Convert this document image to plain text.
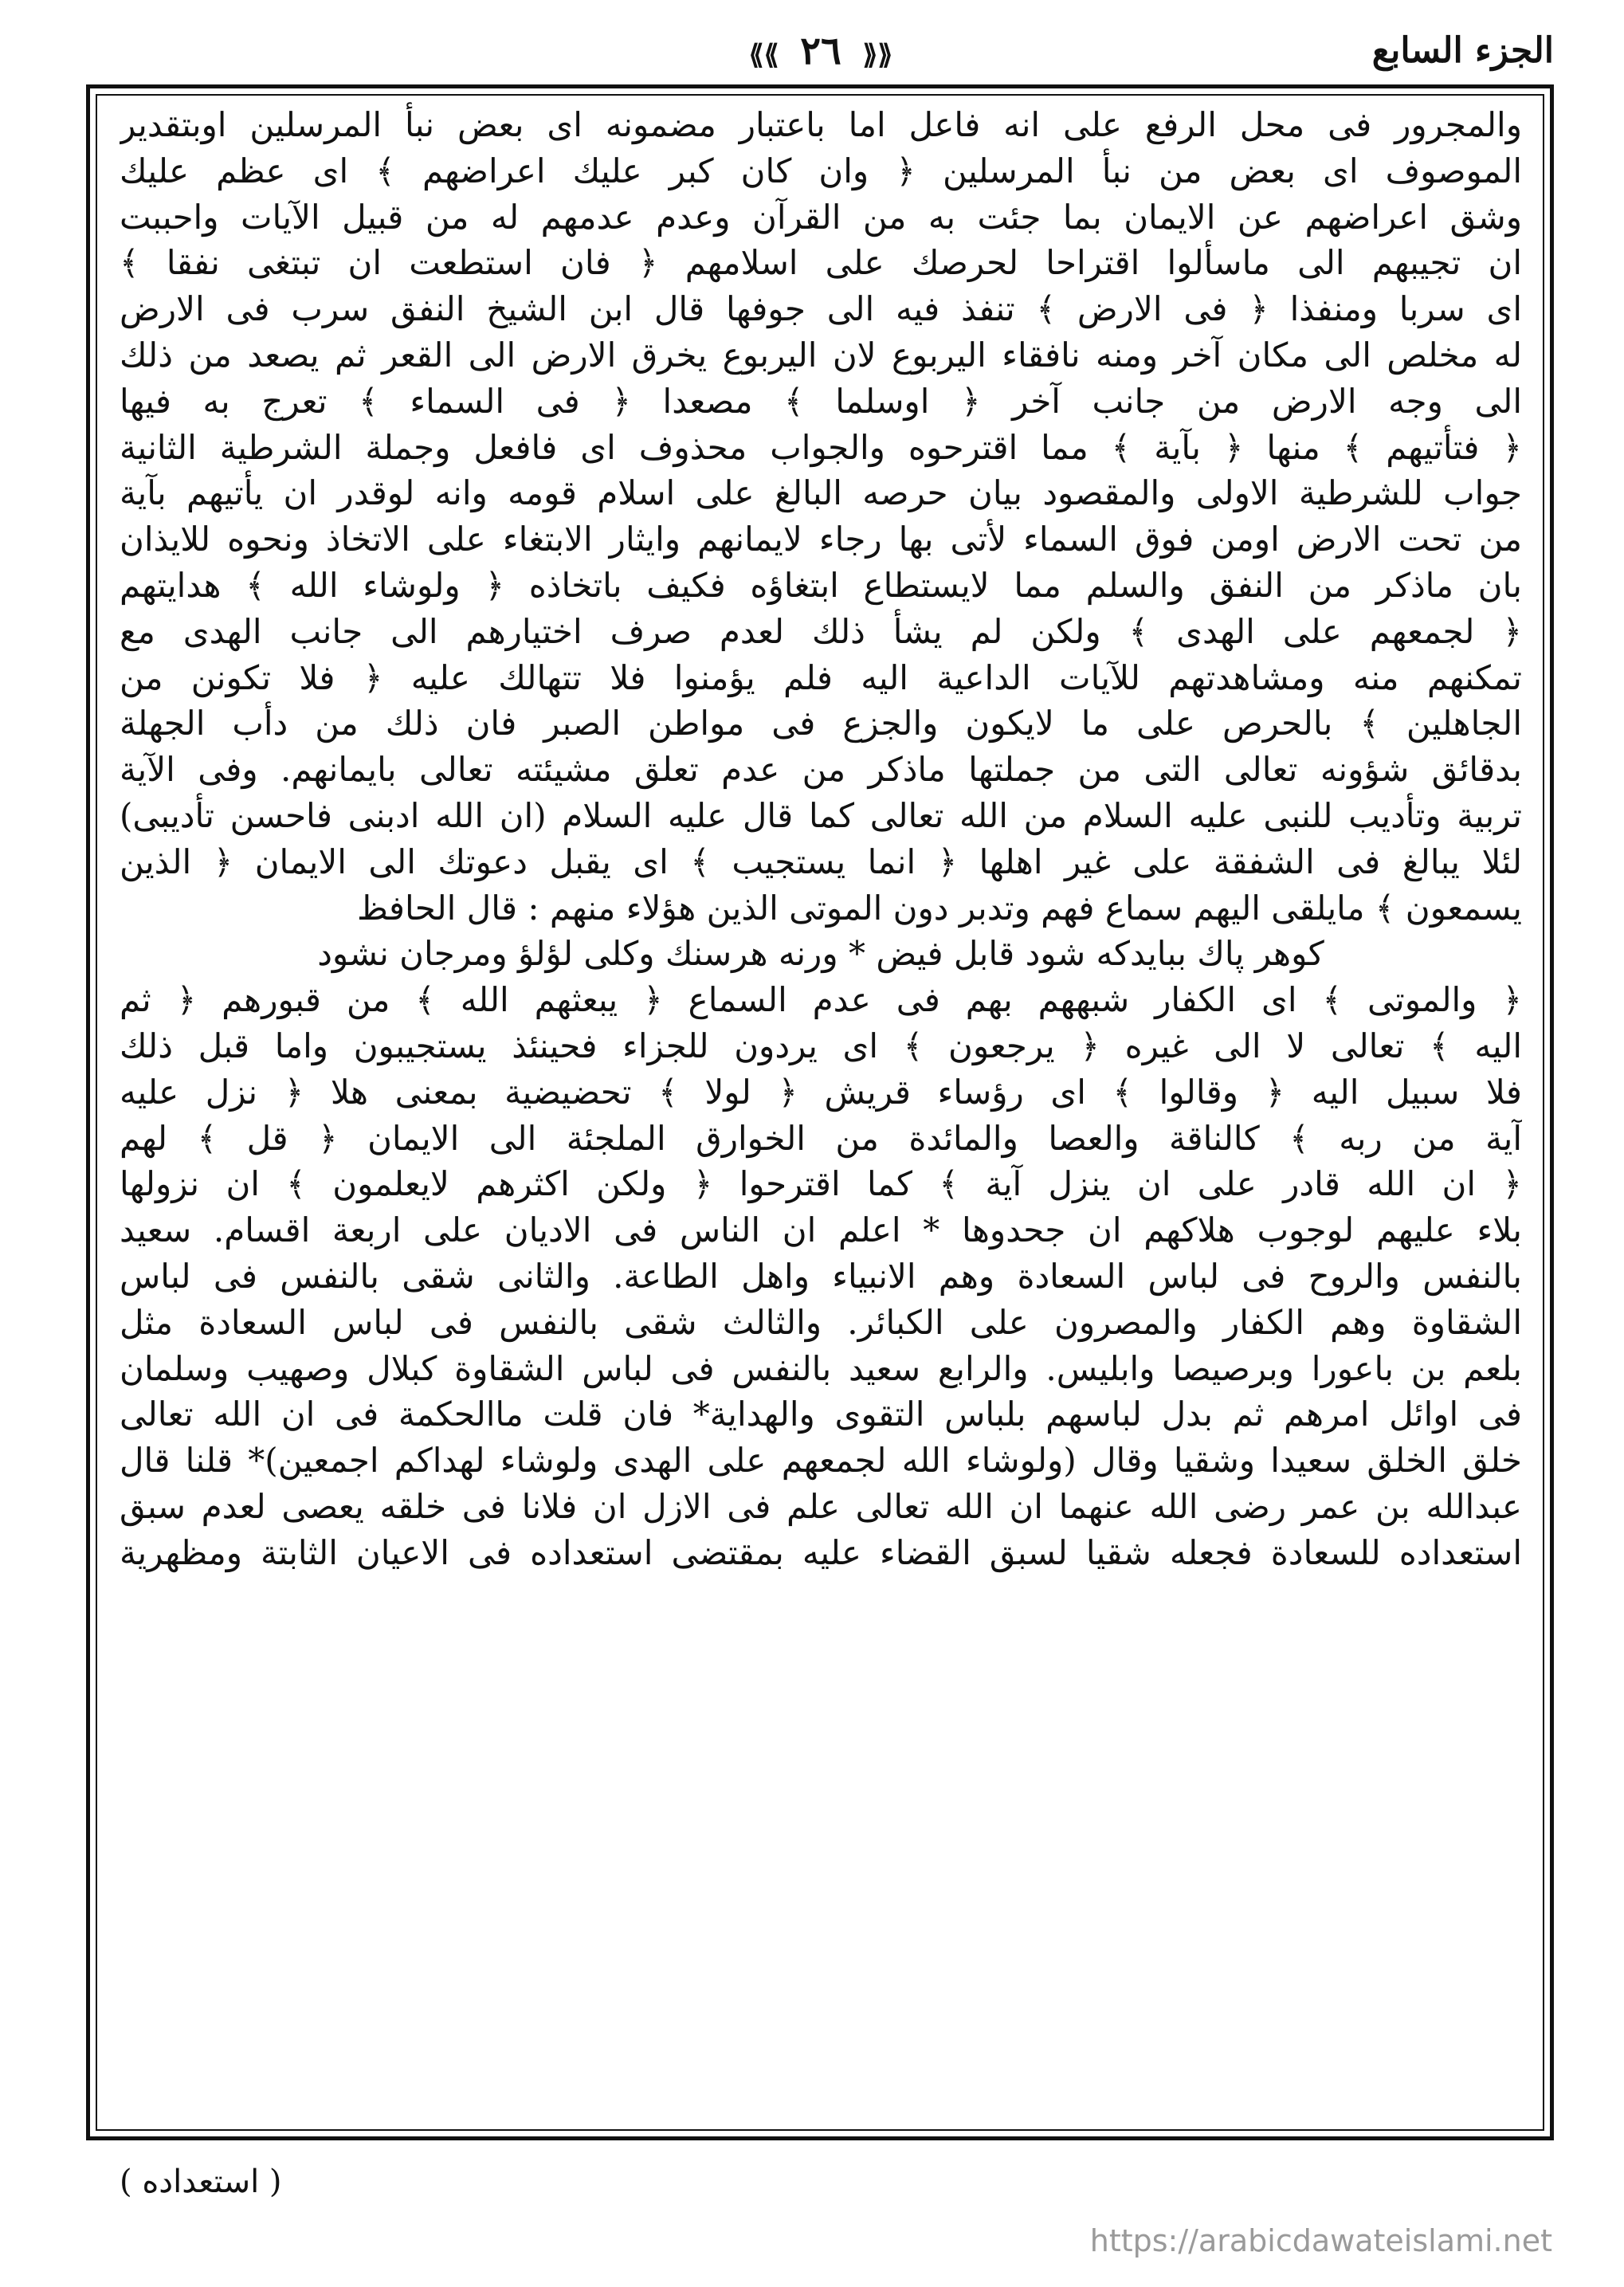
الجزء السابع
⟪⟪ ٢٦ ⟫⟫
والمجرور فى محل الرفع على انه فاعل اما باعتبار مضمونه اى بعض نبأ المرسلين اوبتقدير
الموصوف اى بعض من نبأ المرسلين ﴿ وان كان كبر عليك اعراضهم ﴾ اى عظم عليك
وشق اعراضهم عن الايمان بما جئت به من القرآن وعدم عدمهم له من قبيل الآيات واحببت
ان تجيبهم الى ماسألوا اقتراحا لحرصك على اسلامهم ﴿ فان استطعت ان تبتغى نفقا ﴾
اى سربا ومنفذا ﴿ فى الارض ﴾ تنفذ فيه الى جوفها قال ابن الشيخ النفق سرب فى الارض
له مخلص الى مكان آخر ومنه نافقاء اليربوع لان اليربوع يخرق الارض الى القعر ثم يصعد من ذلك
الى وجه الارض من جانب آخر ﴿ اوسلما ﴾ مصعدا ﴿ فى السماء ﴾ تعرج به فيها
﴿ فتأتيهم ﴾ منها ﴿ بآية ﴾ مما اقترحوه والجواب محذوف اى فافعل وجملة الشرطية الثانية
جواب للشرطية الاولى والمقصود بيان حرصه البالغ على اسلام قومه وانه لوقدر ان يأتيهم بآية
من تحت الارض اومن فوق السماء لأتى بها رجاء لايمانهم وايثار الابتغاء على الاتخاذ ونحوه للايذان
بان ماذكر من النفق والسلم مما لايستطاع ابتغاؤه فكيف باتخاذه ﴿ ولوشاء الله ﴾ هدايتهم
﴿ لجمعهم على الهدى ﴾ ولكن لم يشأ ذلك لعدم صرف اختيارهم الى جانب الهدى مع
تمكنهم منه ومشاهدتهم للآيات الداعية اليه فلم يؤمنوا فلا تتهالك عليه ﴿ فلا تكونن من
الجاهلين ﴾ بالحرص على ما لايكون والجزع فى مواطن الصبر فان ذلك من دأب الجهلة
بدقائق شؤونه تعالى التى من جملتها ماذكر من عدم تعلق مشيئته تعالى بايمانهم. وفى الآية
تربية وتأديب للنبى عليه السلام من الله تعالى كما قال عليه السلام (ان الله ادبنى فاحسن تأديبى)
لئلا يبالغ فى الشفقة على غير اهلها ﴿ انما يستجيب ﴾ اى يقبل دعوتك الى الايمان ﴿ الذين
يسمعون ﴾ مايلقى اليهم سماع فهم وتدبر دون الموتى الذين هؤلاء منهم : قال الحافظ
كوهر پاك ببايدكه شود قابل فيض * ورنه هرسنك وكلى لؤلؤ ومرجان نشود
﴿ والموتى ﴾ اى الكفار شبههم بهم فى عدم السماع ﴿ يبعثهم الله ﴾ من قبورهم ﴿ ثم
اليه ﴾ تعالى لا الى غيره ﴿ يرجعون ﴾ اى يردون للجزاء فحينئذ يستجيبون واما قبل ذلك
فلا سبيل اليه ﴿ وقالوا ﴾ اى رؤساء قريش ﴿ لولا ﴾ تحضيضية بمعنى هلا ﴿ نزل عليه
آية من ربه ﴾ كالناقة والعصا والمائدة من الخوارق الملجئة الى الايمان ﴿ قل ﴾ لهم
﴿ ان الله قادر على ان ينزل آية ﴾ كما اقترحوا ﴿ ولكن اكثرهم لايعلمون ﴾ ان نزولها
بلاء عليهم لوجوب هلاكهم ان جحدوها * اعلم ان الناس فى الاديان على اربعة اقسام. سعيد
بالنفس والروح فى لباس السعادة وهم الانبياء واهل الطاعة. والثانى شقى بالنفس فى لباس
الشقاوة وهم الكفار والمصرون على الكبائر. والثالث شقى بالنفس فى لباس السعادة مثل
بلعم بن باعورا وبرصيصا وابليس. والرابع سعيد بالنفس فى لباس الشقاوة كبلال وصهيب وسلمان
فى اوائل امرهم ثم بدل لباسهم بلباس التقوى والهداية* فان قلت ماالحكمة فى ان الله تعالى
خلق الخلق سعيدا وشقيا وقال (ولوشاء الله لجمعهم على الهدى ولوشاء لهداكم اجمعين)* قلنا قال
عبدالله بن عمر رضى الله عنهما ان الله تعالى علم فى الازل ان فلانا فى خلقه يعصى لعدم سبق
استعداده للسعادة فجعله شقيا لسبق القضاء عليه بمقتضى استعداده فى الاعيان الثابتة ومظهرية
( استعداده )
https://arabicdawateislami.net
